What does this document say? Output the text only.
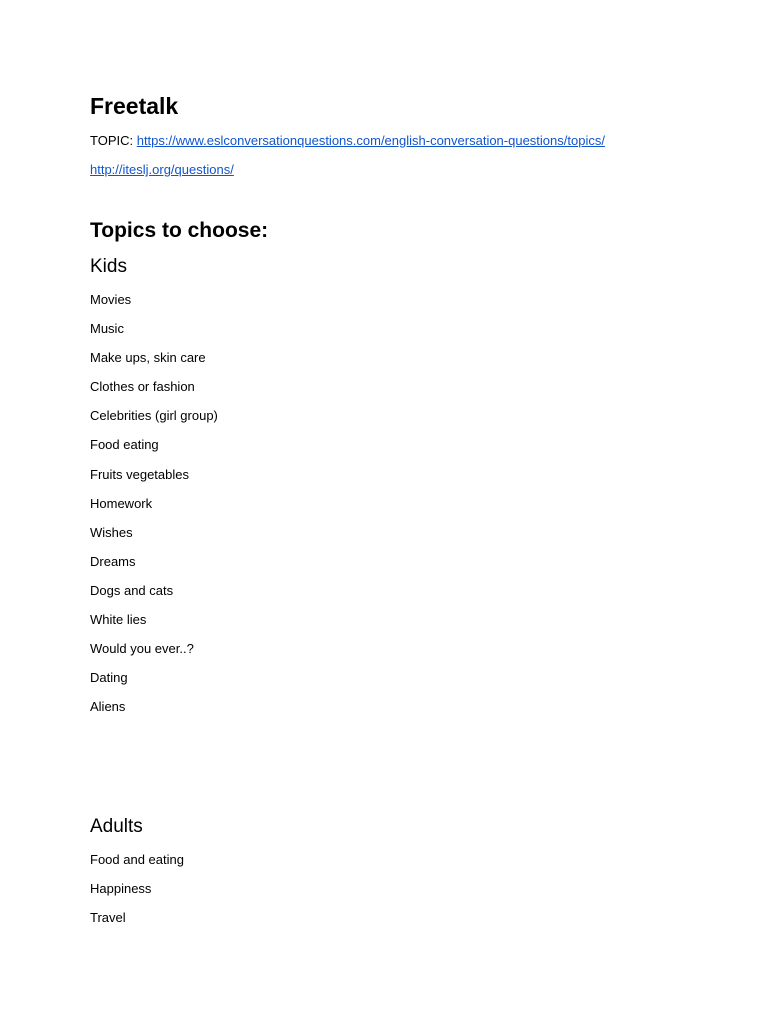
Freetalk
TOPIC: https://www.eslconversationquestions.com/english-conversation-questions/topics/
http://iteslj.org/questions/
Topics to choose:
Kids
Movies
Music
Make ups, skin care
Clothes or fashion
Celebrities (girl group)
Food eating
Fruits vegetables
Homework
Wishes
Dreams
Dogs and cats
White lies
Would you ever..?
Dating
Aliens
Adults
Food and eating
Happiness
Travel
